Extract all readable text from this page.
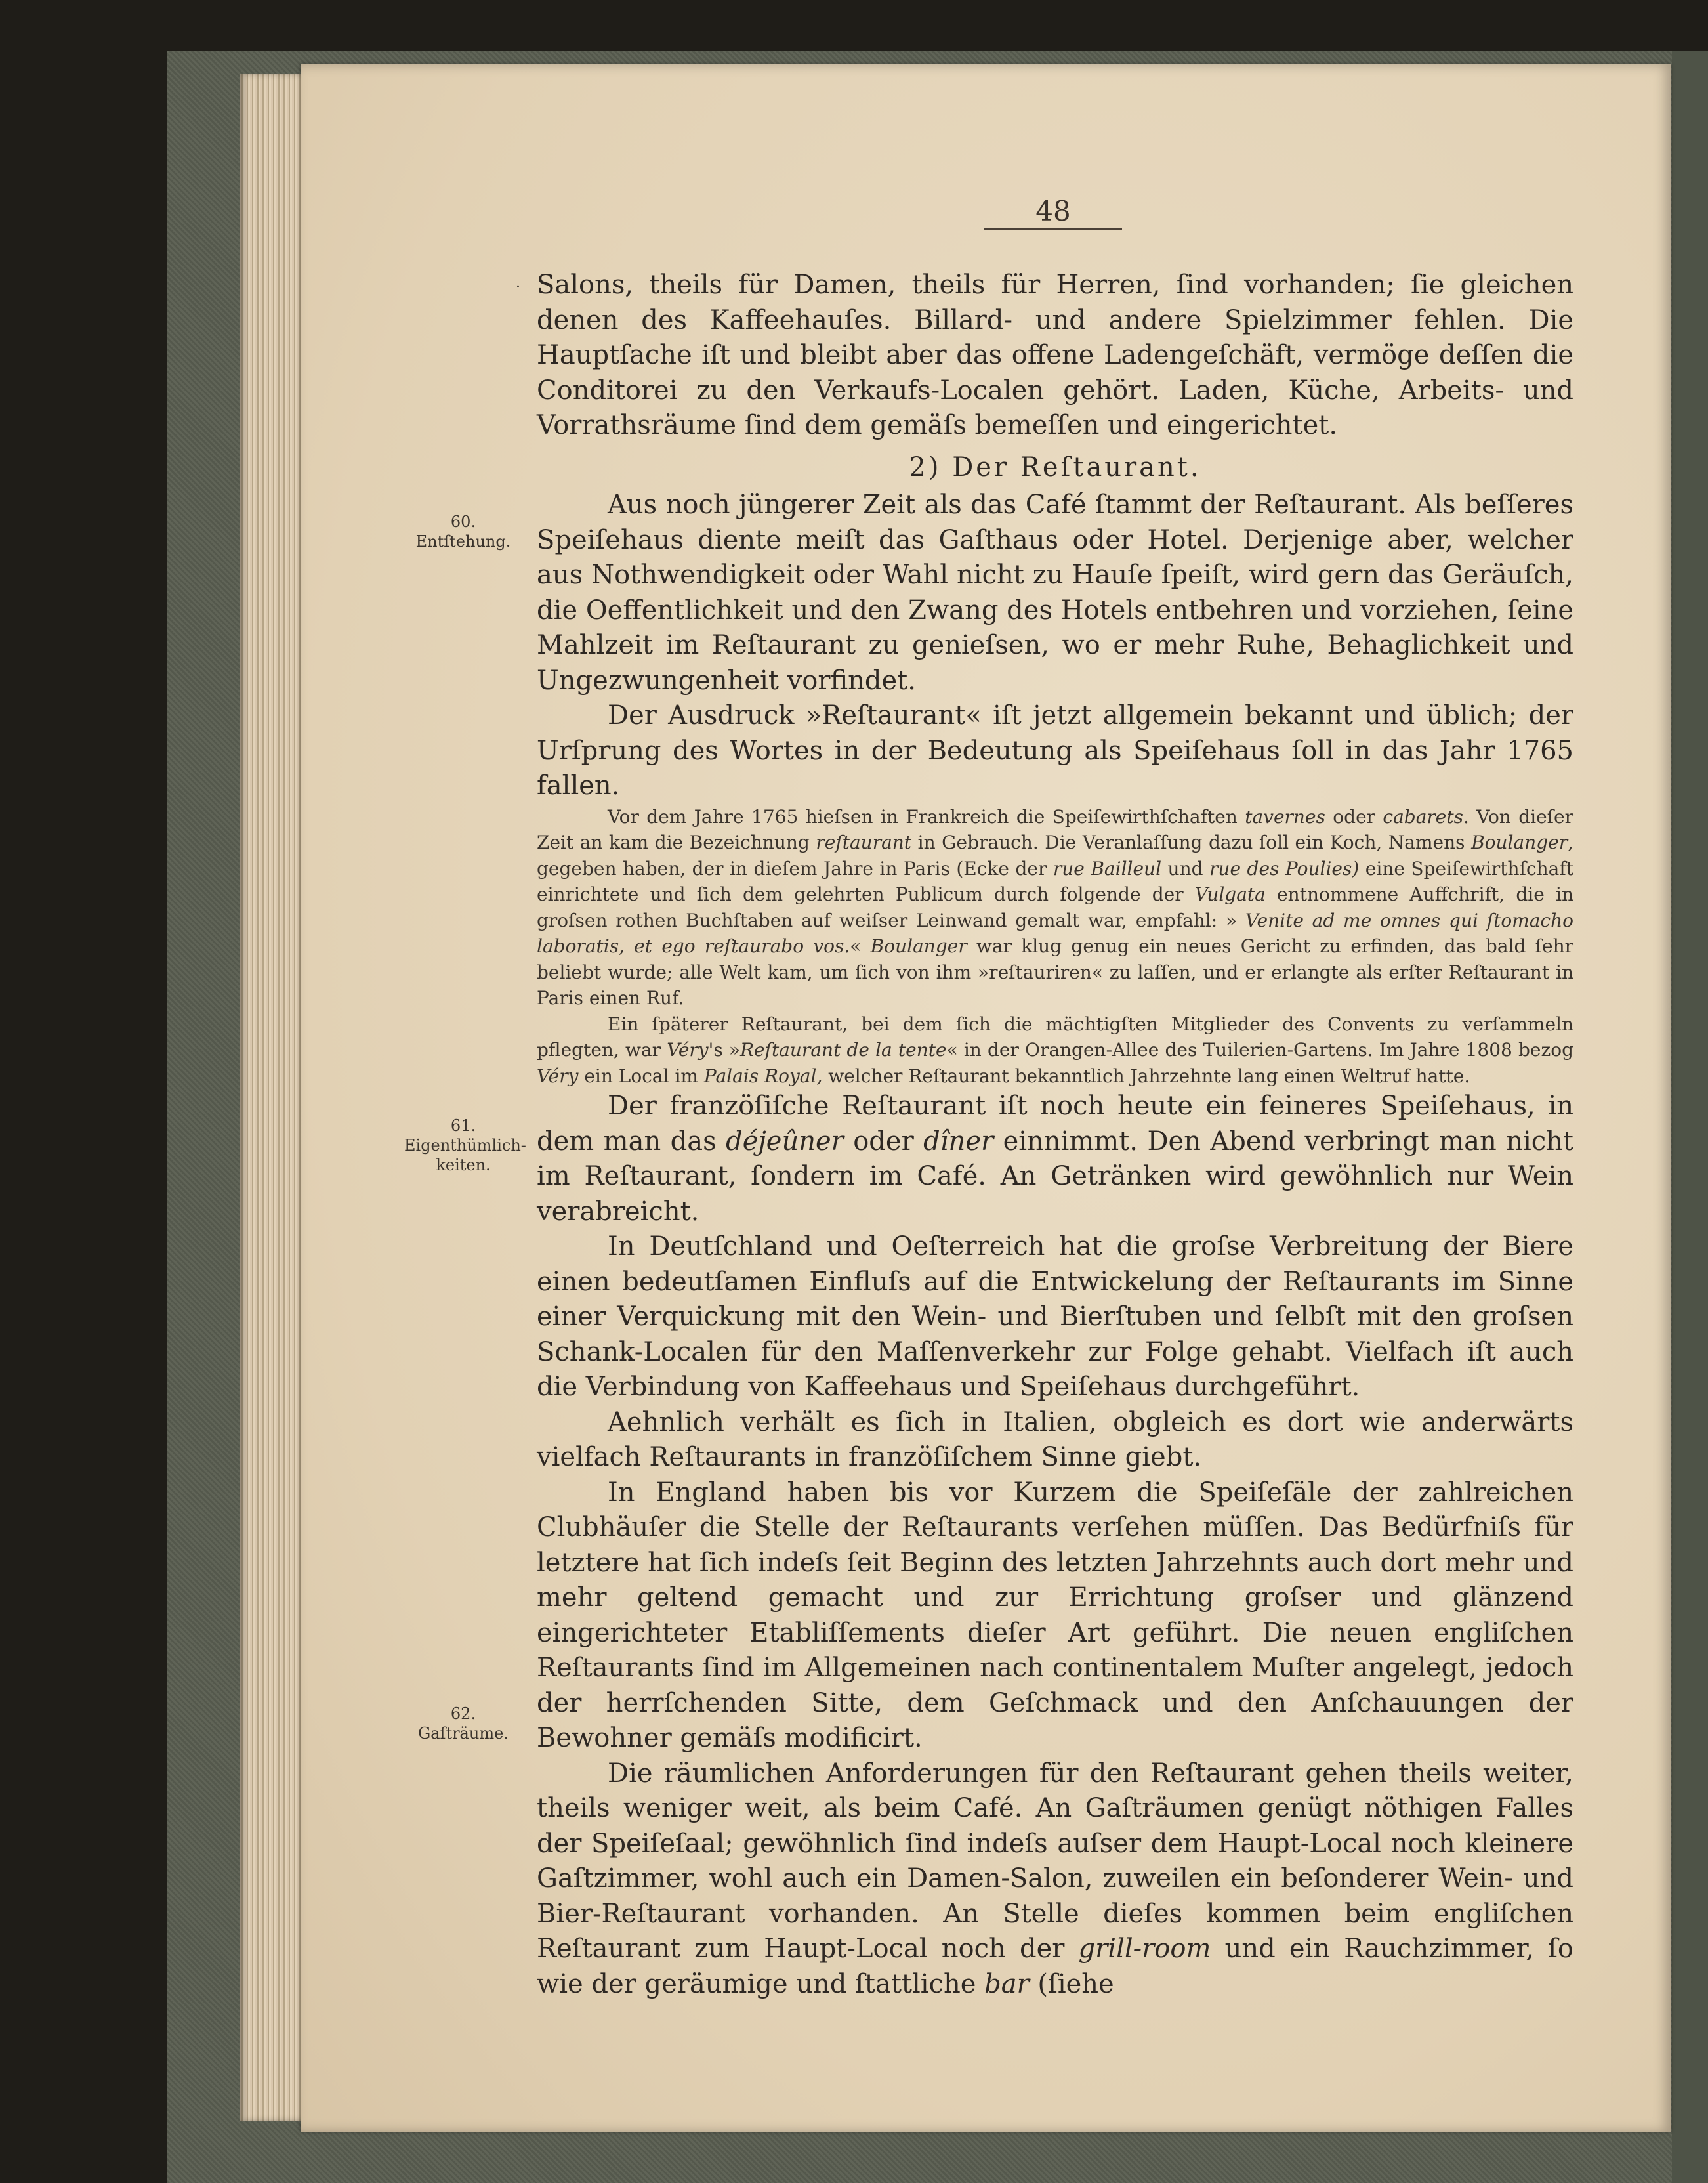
48
·
60.
Entſtehung.
61.
Eigenthümlich-
keiten.
62.
Gaſträume.

Salons, theils für Damen, theils für Herren, ſind vorhanden; ſie gleichen denen des Kaffeehauſes. Billard- und andere Spielzimmer fehlen. Die Hauptſache iſt und bleibt aber das offene Ladengeſchäft, vermöge deſſen die Conditorei zu den Verkaufs-Localen gehört. Laden, Küche, Arbeits- und Vorrathsräume ſind dem gemäſs bemeſſen und eingerichtet.

2) Der Reſtaurant.

Aus noch jüngerer Zeit als das Café ſtammt der Reſtaurant. Als beſſeres Speiſehaus diente meiſt das Gaſthaus oder Hotel. Derjenige aber, welcher aus Nothwendigkeit oder Wahl nicht zu Hauſe ſpeiſt, wird gern das Geräuſch, die Oeffentlichkeit und den Zwang des Hotels entbehren und vorziehen, ſeine Mahlzeit im Reſtaurant zu genieſsen, wo er mehr Ruhe, Behaglichkeit und Ungezwungenheit vorfindet.

Der Ausdruck »Reſtaurant« iſt jetzt allgemein bekannt und üblich; der Urſprung des Wortes in der Bedeutung als Speiſehaus ſoll in das Jahr 1765 fallen.

Vor dem Jahre 1765 hieſsen in Frankreich die Speiſewirthſchaften tavernes oder cabarets. Von dieſer Zeit an kam die Bezeichnung reſtaurant in Gebrauch. Die Veranlaſſung dazu ſoll ein Koch, Namens Boulanger, gegeben haben, der in dieſem Jahre in Paris (Ecke der rue Bailleul und rue des Poulies) eine Speiſewirthſchaft einrichtete und ſich dem gelehrten Publicum durch folgende der Vulgata entnommene Auffchrift, die in groſsen rothen Buchſtaben auf weiſser Leinwand gemalt war, empfahl: » Venite ad me omnes qui ſtomacho laboratis, et ego reſtaurabo vos.« Boulanger war klug genug ein neues Gericht zu erfinden, das bald ſehr beliebt wurde; alle Welt kam, um ſich von ihm »reſtauriren« zu laſſen, und er erlangte als erſter Reſtaurant in Paris einen Ruf.

Ein ſpäterer Reſtaurant, bei dem ſich die mächtigſten Mitglieder des Convents zu verſammeln pflegten, war Véry's »Reſtaurant de la tente« in der Orangen-Allee des Tuilerien-Gartens. Im Jahre 1808 bezog Véry ein Local im Palais Royal, welcher Reſtaurant bekanntlich Jahrzehnte lang einen Weltruf hatte.

Der franzöſiſche Reſtaurant iſt noch heute ein feineres Speiſehaus, in dem man das déjeûner oder dîner einnimmt. Den Abend verbringt man nicht im Reſtaurant, ſondern im Café. An Getränken wird gewöhnlich nur Wein verabreicht.

In Deutſchland und Oeſterreich hat die groſse Verbreitung der Biere einen bedeutſamen Einfluſs auf die Entwickelung der Reſtaurants im Sinne einer Verquickung mit den Wein- und Bierſtuben und ſelbſt mit den groſsen Schank-Localen für den Maſſenverkehr zur Folge gehabt. Vielfach iſt auch die Verbindung von Kaffeehaus und Speiſehaus durchgeführt.

Aehnlich verhält es ſich in Italien, obgleich es dort wie anderwärts vielfach Reſtaurants in franzöſiſchem Sinne giebt.

In England haben bis vor Kurzem die Speiſeſäle der zahlreichen Clubhäuſer die Stelle der Reſtaurants verſehen müſſen. Das Bedürfniſs für letztere hat ſich indeſs ſeit Beginn des letzten Jahrzehnts auch dort mehr und mehr geltend gemacht und zur Errichtung groſser und glänzend eingerichteter Etabliſſements dieſer Art geführt. Die neuen engliſchen Reſtaurants ſind im Allgemeinen nach continentalem Muſter angelegt, jedoch der herrſchenden Sitte, dem Geſchmack und den Anſchauungen der Bewohner gemäſs modificirt.

Die räumlichen Anforderungen für den Reſtaurant gehen theils weiter, theils weniger weit, als beim Café. An Gaſträumen genügt nöthigen Falles der Speiſeſaal; gewöhnlich ſind indeſs auſser dem Haupt-Local noch kleinere Gaſtzimmer, wohl auch ein Damen-Salon, zuweilen ein beſonderer Wein- und Bier-Reſtaurant vorhanden. An Stelle dieſes kommen beim engliſchen Reſtaurant zum Haupt-Local noch der grill-room und ein Rauchzimmer, ſo wie der geräumige und ſtattliche bar (ſiehe
